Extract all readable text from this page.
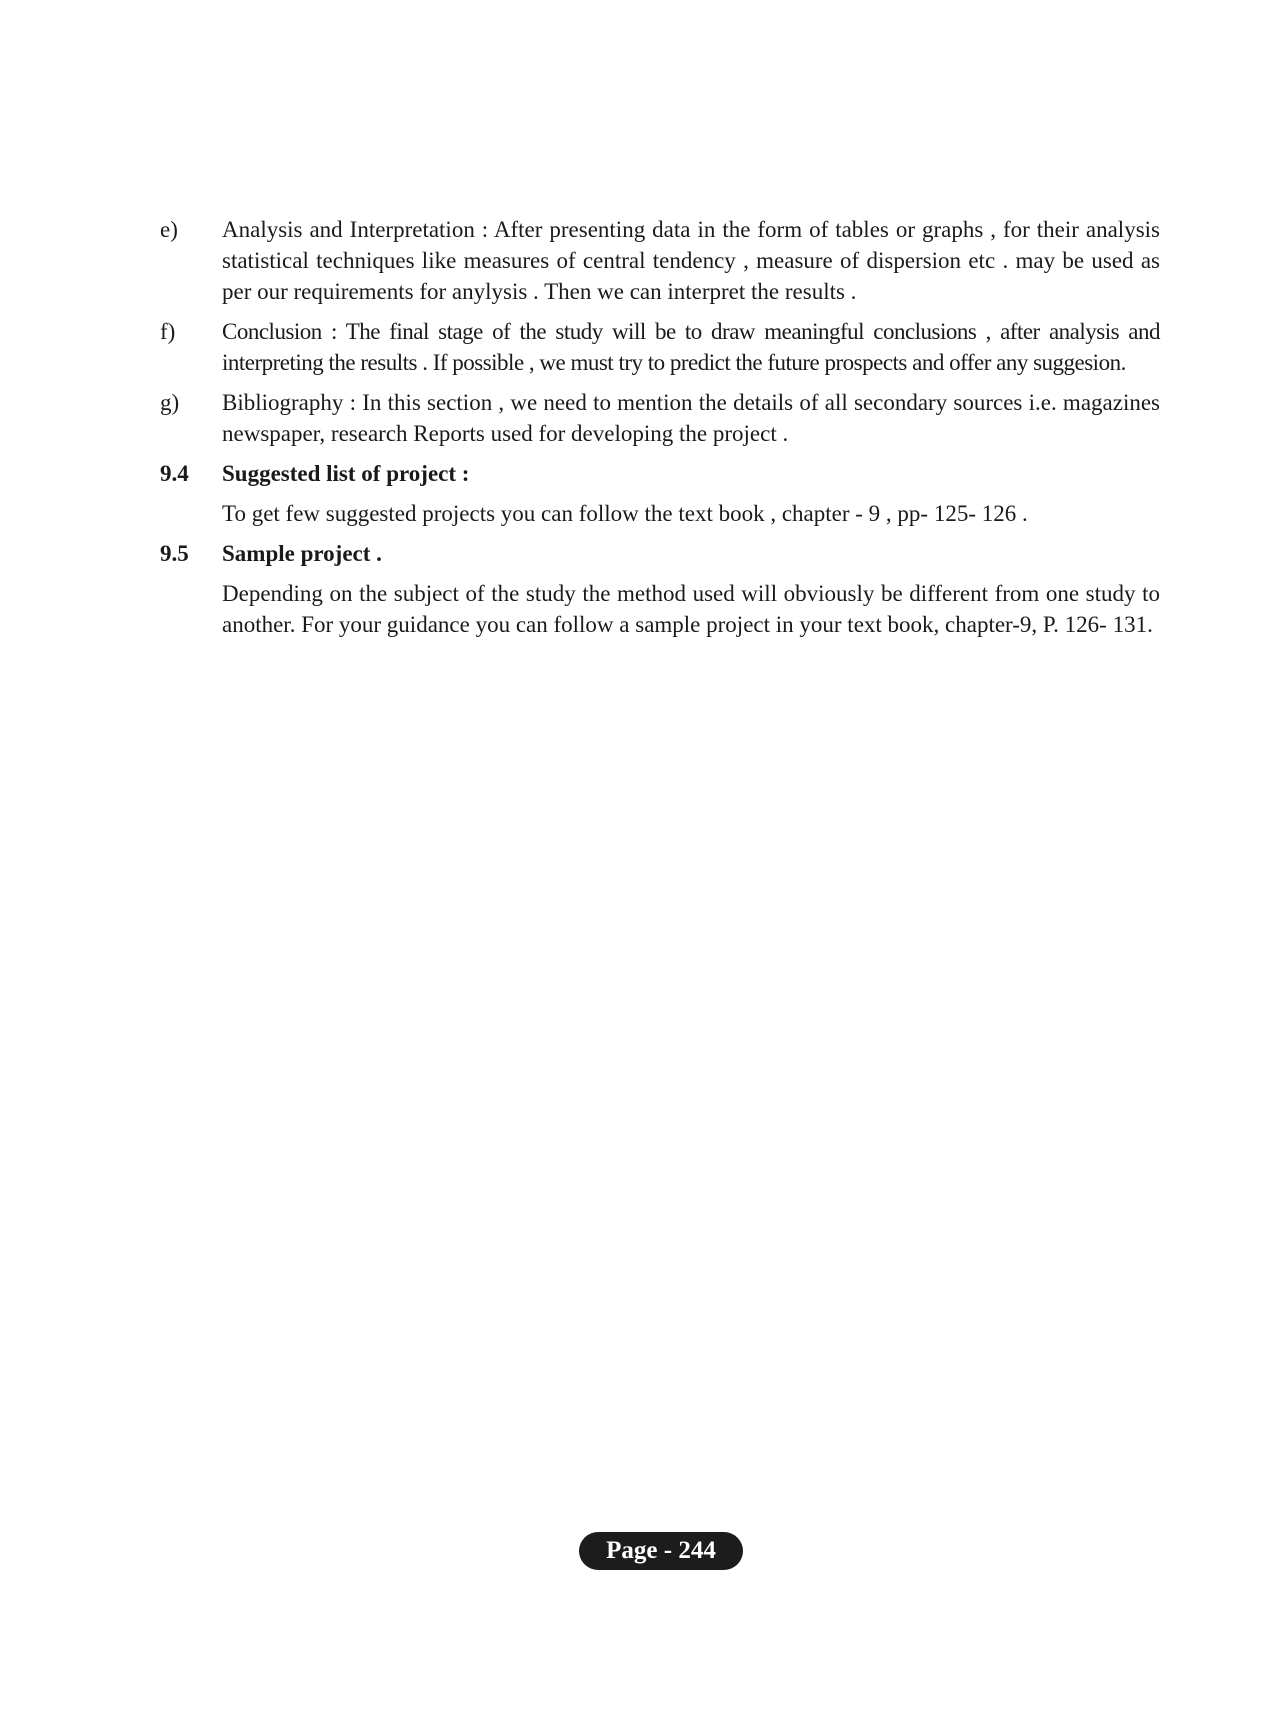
e)	Analysis and Interpretation : After presenting data in the form of tables or graphs , for their analysis statistical techniques like measures of central tendency , measure of dispersion etc . may be used as per our requirements for anylysis . Then we can interpret the results .
f)	Conclusion : The final stage of the study will be to draw meaningful conclusions , after analysis and interpreting the results . If possible , we must try to predict the future prospects and offer any suggesion.
g)	Bibliography : In this section , we need to mention the details of all secondary sources i.e. magazines newspaper, research Reports used for developing the project .
9.4	Suggested list of project :
To get few suggested projects you can follow the text book , chapter - 9 , pp- 125- 126 .
9.5	Sample project .
Depending on the subject of the study the method used will obviously be different from one study to another. For your guidance you can follow a sample project in your text book, chapter-9, P. 126- 131.
Page - 244
